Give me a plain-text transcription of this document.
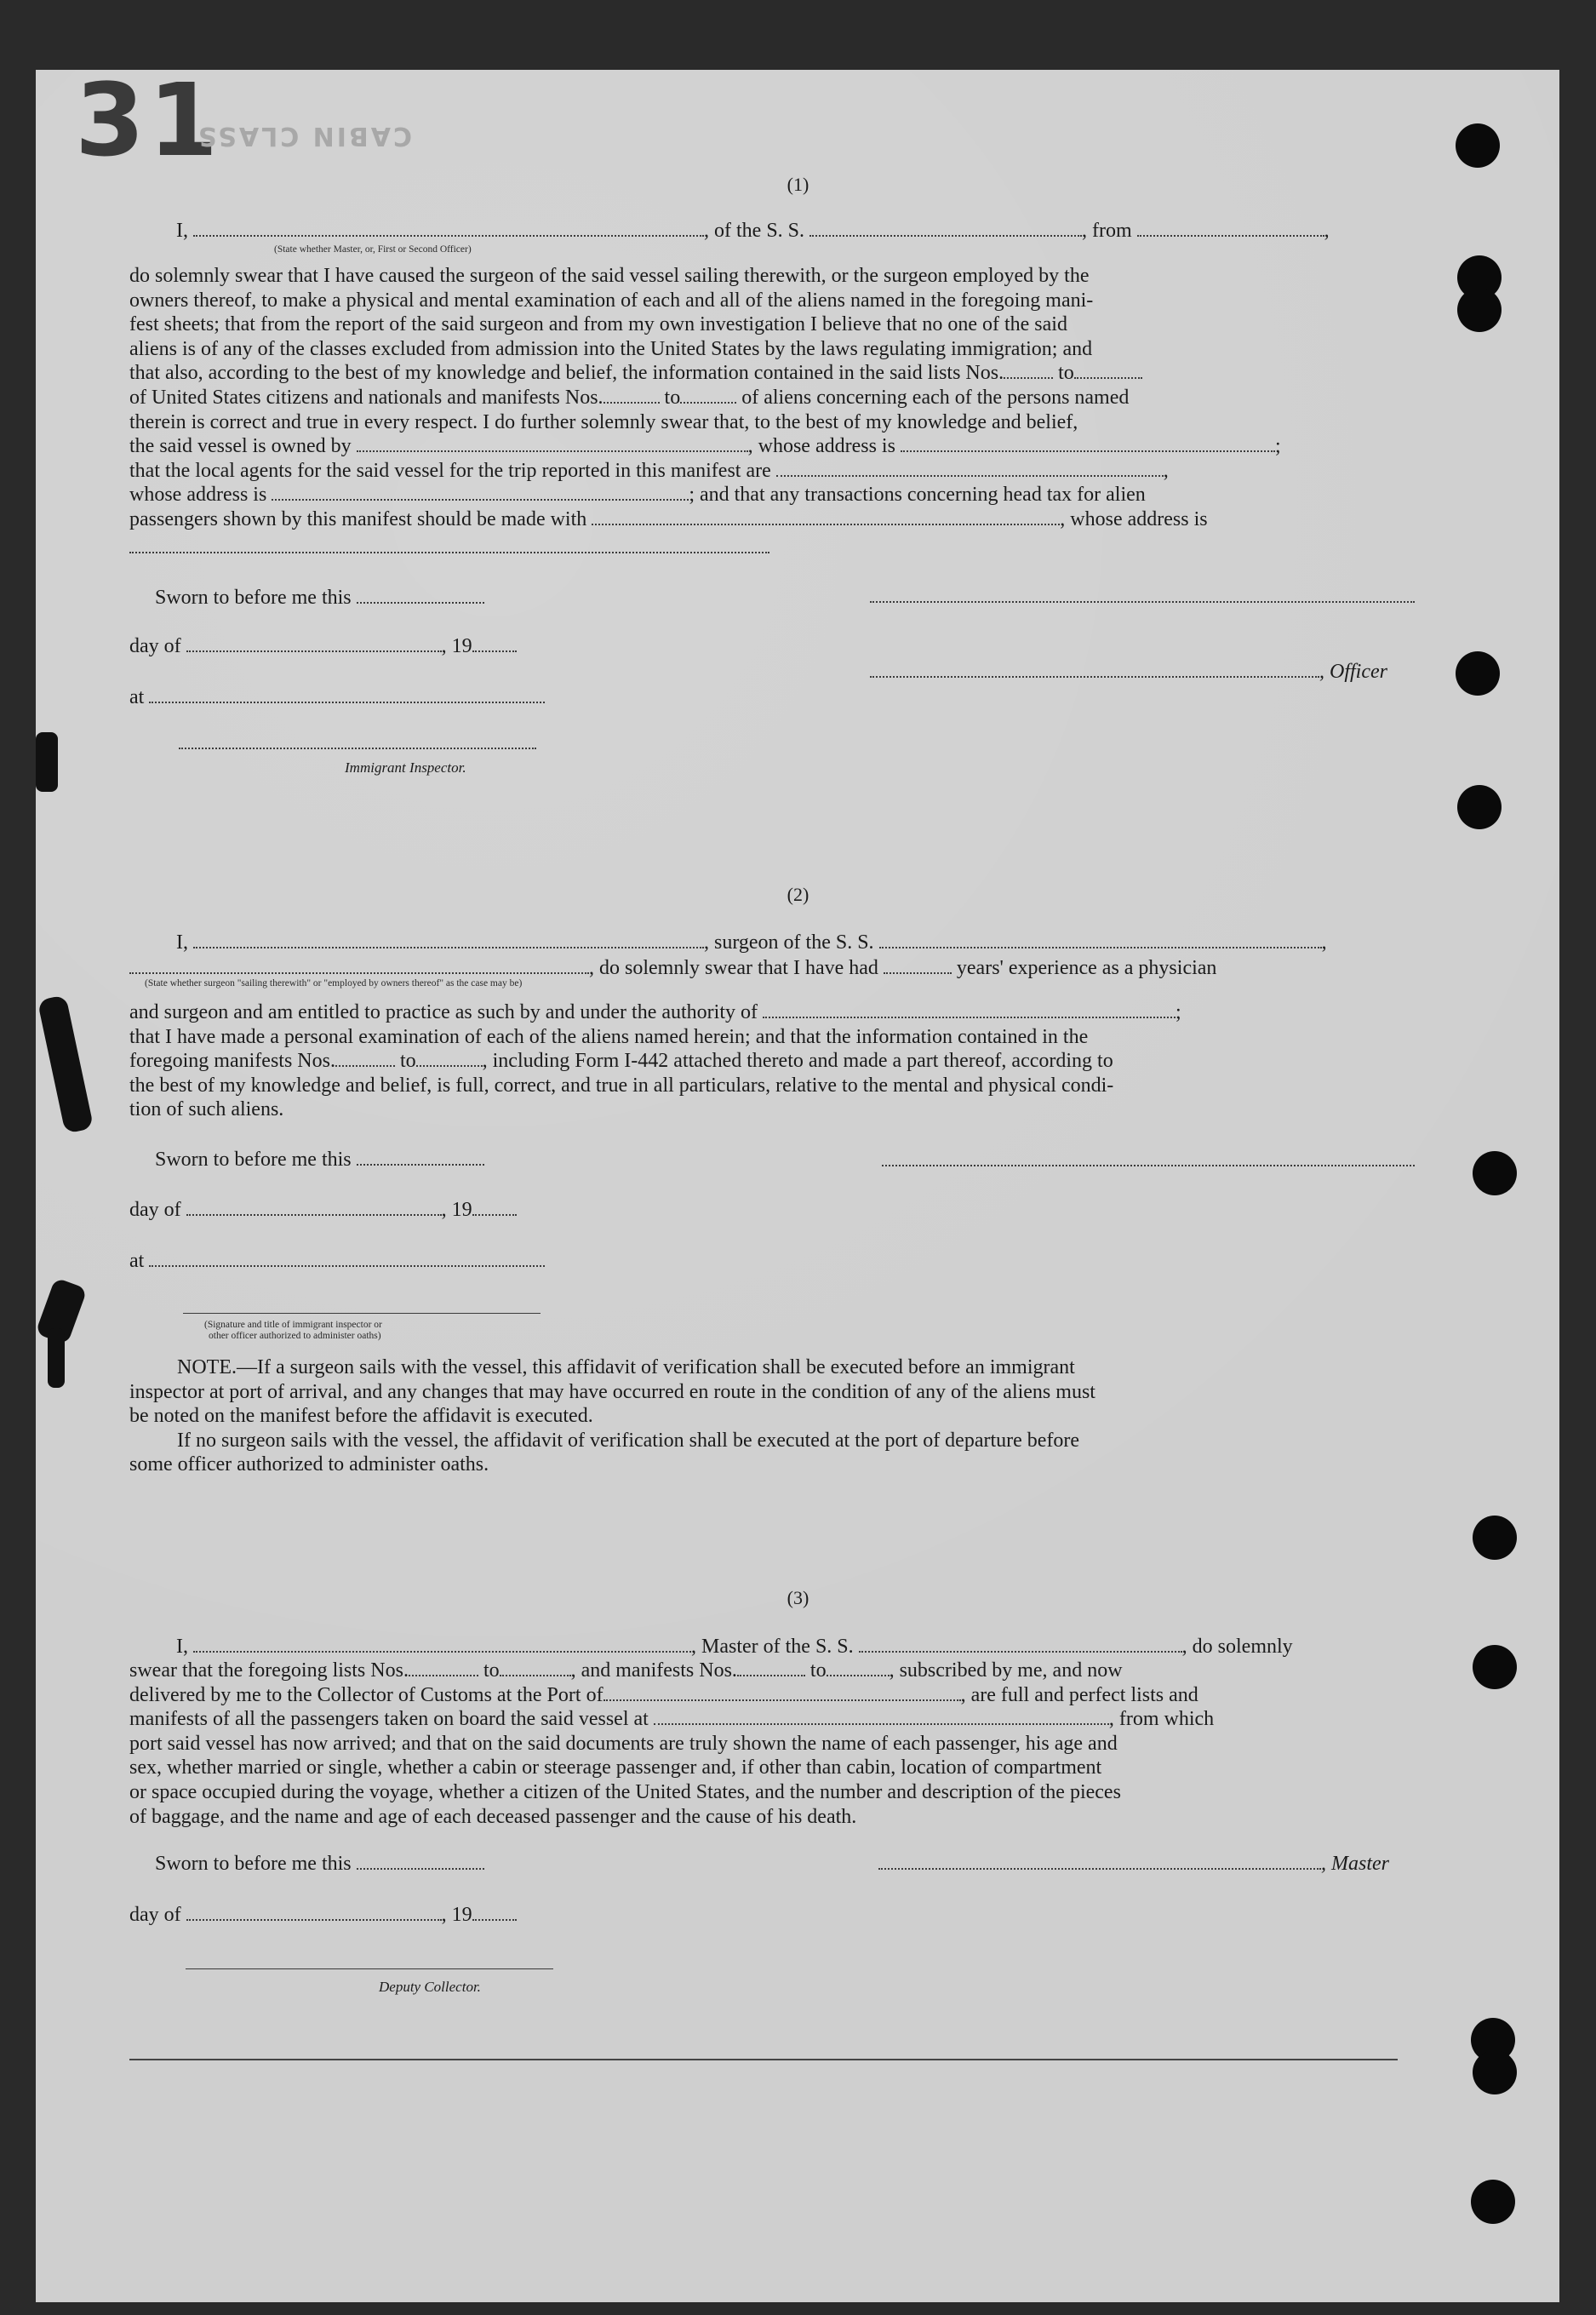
31
CABIN CLASS
(1)
I,	, of the S. S.	, from	,
(State whether Master, or, First or Second Officer)

do solemnly swear that I have caused the surgeon of the said vessel sailing therewith, or the surgeon employed by the

owners thereof, to make a physical and mental examination of each and all of the aliens named in the foregoing mani-

fest sheets; that from the report of the said surgeon and from my own investigation I believe that no one of the said

aliens is of any of the classes excluded from admission into the United States by the laws regulating immigration; and

that also, according to the best of my knowledge and belief, the information contained in the said lists Nos.	to

of United States citizens and nationals and manifests Nos.	to	of aliens concerning each of the persons named

therein is correct and true in every respect. I do further solemnly swear that, to the best of my knowledge and belief,

the said vessel is owned by	, whose address is	;

that the local agents for the said vessel for the trip reported in this manifest are	,

whose address is	; and that any transactions concerning head tax for alien

passengers shown by this manifest should be made with	, whose address is

Sworn to before me this
day of	, 19
, Officer
at
Immigrant Inspector.
(2)
I,	, surgeon of the S. S.	,
, do solemnly swear that I have had	years' experience as a physician
(State whether surgeon "sailing therewith" or "employed by owners thereof" as the case may be)

and surgeon and am entitled to practice as such by and under the authority of	;

that I have made a personal examination of each of the aliens named herein; and that the information contained in the

foregoing manifests Nos.	to	, including Form I-442 attached thereto and made a part thereof, according to

the best of my knowledge and belief, is full, correct, and true in all particulars, relative to the mental and physical condi-

tion of such aliens.

Sworn to before me this
day of	, 19
at
(Signature and title of immigrant inspector or
other officer authorized to administer oaths)

NOTE.—If a surgeon sails with the vessel, this affidavit of verification shall be executed before an immigrant

inspector at port of arrival, and any changes that may have occurred en route in the condition of any of the aliens must

be noted on the manifest before the affidavit is executed.

If no surgeon sails with the vessel, the affidavit of verification shall be executed at the port of departure before

some officer authorized to administer oaths.

(3)
I,	, Master of the S. S.	, do solemnly

swear that the foregoing lists Nos.	to	, and manifests Nos.	to	, subscribed by me, and now

delivered by me to the Collector of Customs at the Port of	, are full and perfect lists and

manifests of all the passengers taken on board the said vessel at	, from which

port said vessel has now arrived; and that on the said documents are truly shown the name of each passenger, his age and

sex, whether married or single, whether a cabin or steerage passenger and, if other than cabin, location of compartment

or space occupied during the voyage, whether a citizen of the United States, and the number and description of the pieces

of baggage, and the name and age of each deceased passenger and the cause of his death.

Sworn to before me this	, Master
day of	, 19
Deputy Collector.
